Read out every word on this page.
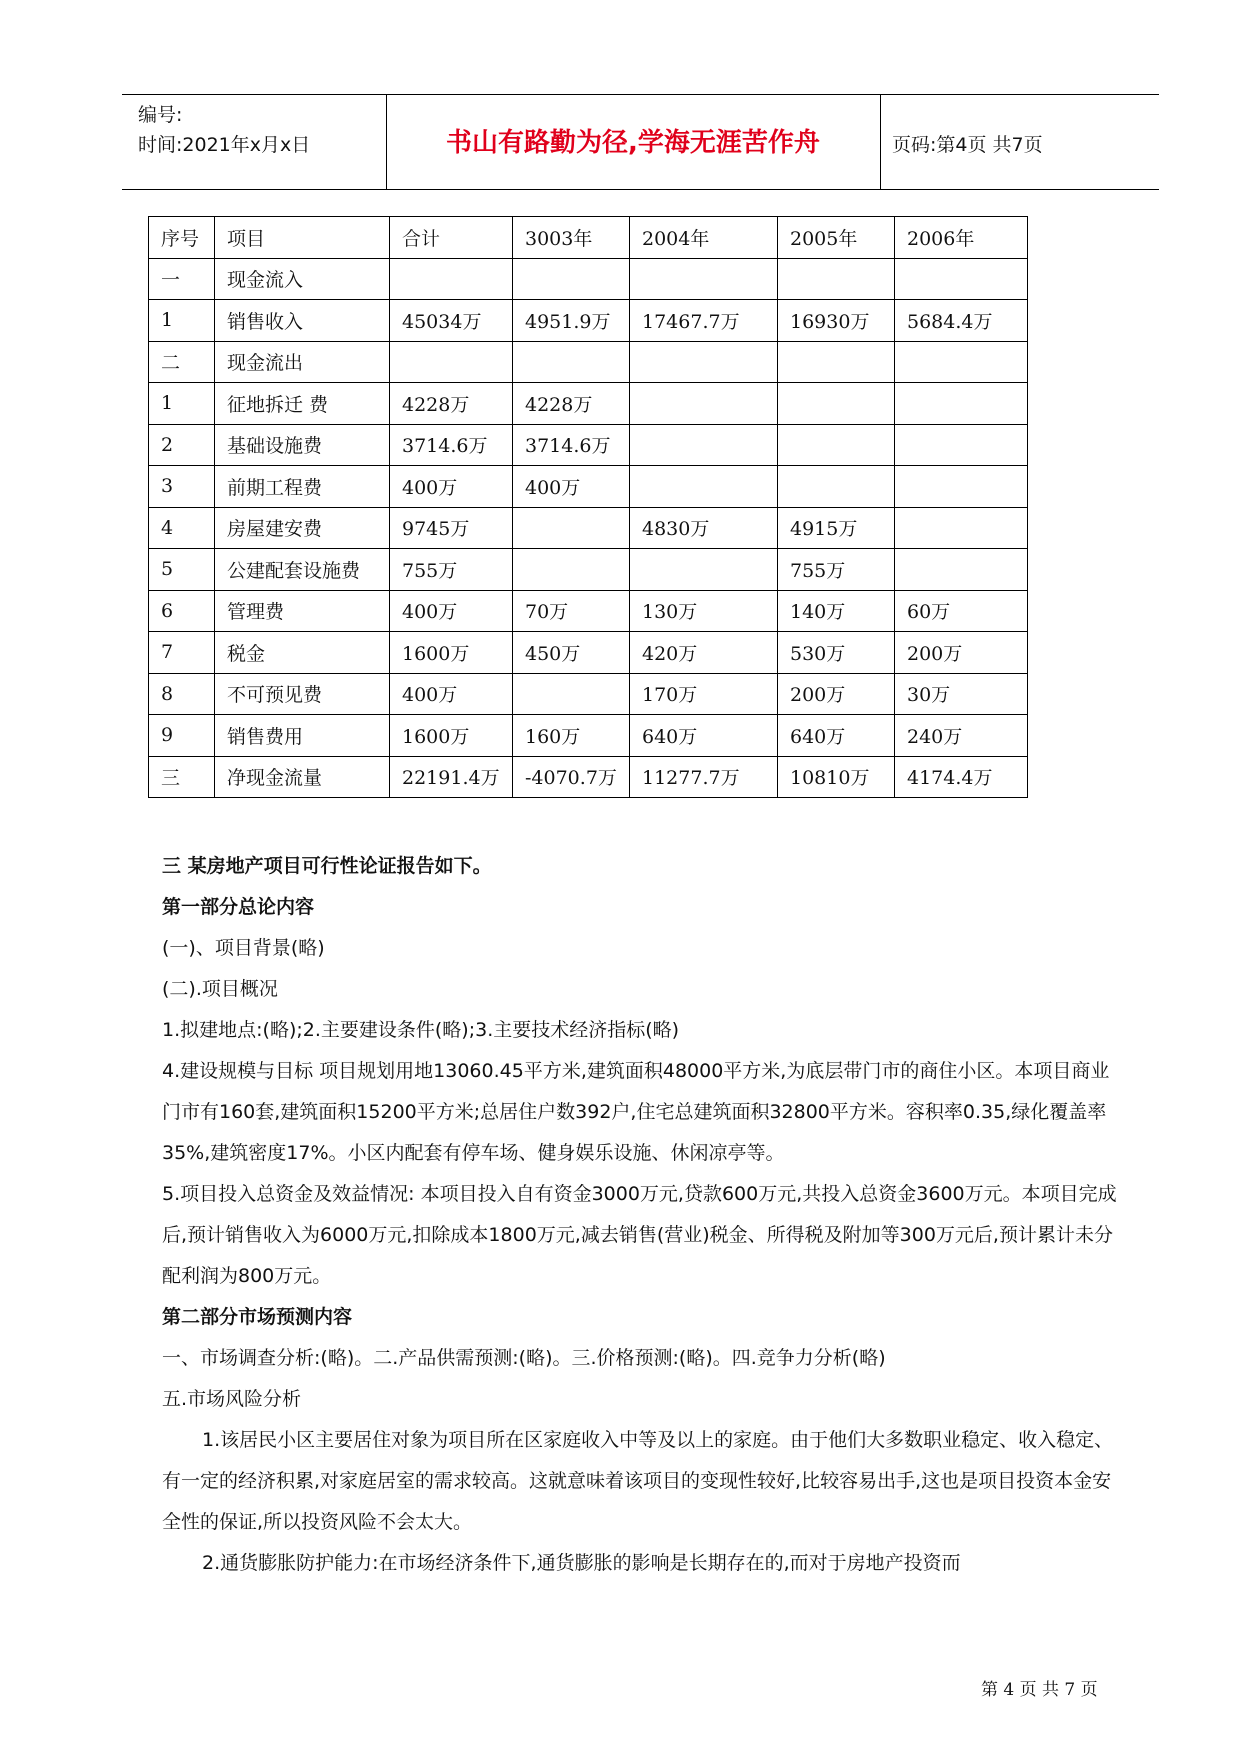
编号:
时间:2021年x月x日	书山有路勤为径,学海无涯苦作舟	页码:第4页 共7页
序号	项目	合计	3003年	2004年	2005年	2006年
一	现金流入					
1	销售收入	45034万	4951.9万	17467.7万	16930万	5684.4万
二	现金流出					
1	征地拆迁 费	4228万	4228万			
2	基础设施费	3714.6万	3714.6万			
3	前期工程费	400万	400万			
4	房屋建安费	9745万		4830万	4915万	
5	公建配套设施费	755万			755万	
6	管理费	400万	70万	130万	140万	60万
7	税金	1600万	450万	420万	530万	200万
8	不可预见费	400万		170万	200万	30万
9	销售费用	1600万	160万	640万	640万	240万
三	净现金流量	22191.4万	-4070.7万	11277.7万	10810万	4174.4万

三 某房地产项目可行性论证报告如下。

第一部分总论内容

(一)、项目背景(略)

(二).项目概况

1.拟建地点:(略);2.主要建设条件(略);3.主要技术经济指标(略)

4.建设规模与目标 项目规划用地13060.45平方米,建筑面积48000平方米,为底层带门市的商住小区。本项目商业门市有160套,建筑面积15200平方米;总居住户数392户,住宅总建筑面积32800平方米。容积率0.35,绿化覆盖率35%,建筑密度17%。小区内配套有停车场、健身娱乐设施、休闲凉亭等。

5.项目投入总资金及效益情况: 本项目投入自有资金3000万元,贷款600万元,共投入总资金3600万元。本项目完成后,预计销售收入为6000万元,扣除成本1800万元,减去销售(营业)税金、所得税及附加等300万元后,预计累计未分配利润为800万元。

第二部分市场预测内容

一、市场调查分析:(略)。二.产品供需预测:(略)。三.价格预测:(略)。四.竞争力分析(略)

五.市场风险分析

1.该居民小区主要居住对象为项目所在区家庭收入中等及以上的家庭。由于他们大多数职业稳定、收入稳定、有一定的经济积累,对家庭居室的需求较高。这就意味着该项目的变现性较好,比较容易出手,这也是项目投资本金安全性的保证,所以投资风险不会太大。

2.通货膨胀防护能力:在市场经济条件下,通货膨胀的影响是长期存在的,而对于房地产投资而

第 4 页 共 7 页
